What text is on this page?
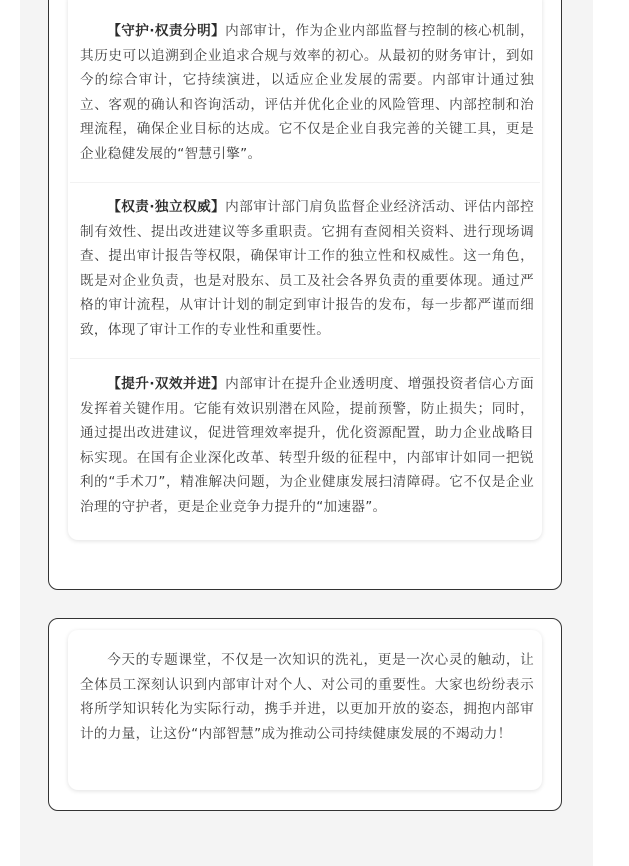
【守护·权责分明】内部审计，作为企业内部监督与控制的核心机制，其历史可以追溯到企业追求合规与效率的初心。从最初的财务审计，到如今的综合审计，它持续演进，以适应企业发展的需要。内部审计通过独立、客观的确认和咨询活动，评估并优化企业的风险管理、内部控制和治理流程，确保企业目标的达成。它不仅是企业自我完善的关键工具，更是企业稳健发展的“智慧引擎”。

【权责·独立权威】内部审计部门肩负监督企业经济活动、评估内部控制有效性、提出改进建议等多重职责。它拥有查阅相关资料、进行现场调查、提出审计报告等权限，确保审计工作的独立性和权威性。这一角色，既是对企业负责，也是对股东、员工及社会各界负责的重要体现。通过严格的审计流程，从审计计划的制定到审计报告的发布，每一步都严谨而细致，体现了审计工作的专业性和重要性。

【提升·双效并进】内部审计在提升企业透明度、增强投资者信心方面发挥着关键作用。它能有效识别潜在风险，提前预警，防止损失；同时，通过提出改进建议，促进管理效率提升，优化资源配置，助力企业战略目标实现。在国有企业深化改革、转型升级的征程中，内部审计如同一把锐利的“手术刀”，精准解决问题，为企业健康发展扫清障碍。它不仅是企业治理的守护者，更是企业竞争力提升的“加速器”。

今天的专题课堂，不仅是一次知识的洗礼，更是一次心灵的触动，让全体员工深刻认识到内部审计对个人、对公司的重要性。大家也纷纷表示将所学知识转化为实际行动，携手并进，以更加开放的姿态，拥抱内部审计的力量，让这份“内部智慧”成为推动公司持续健康发展的不竭动力！
